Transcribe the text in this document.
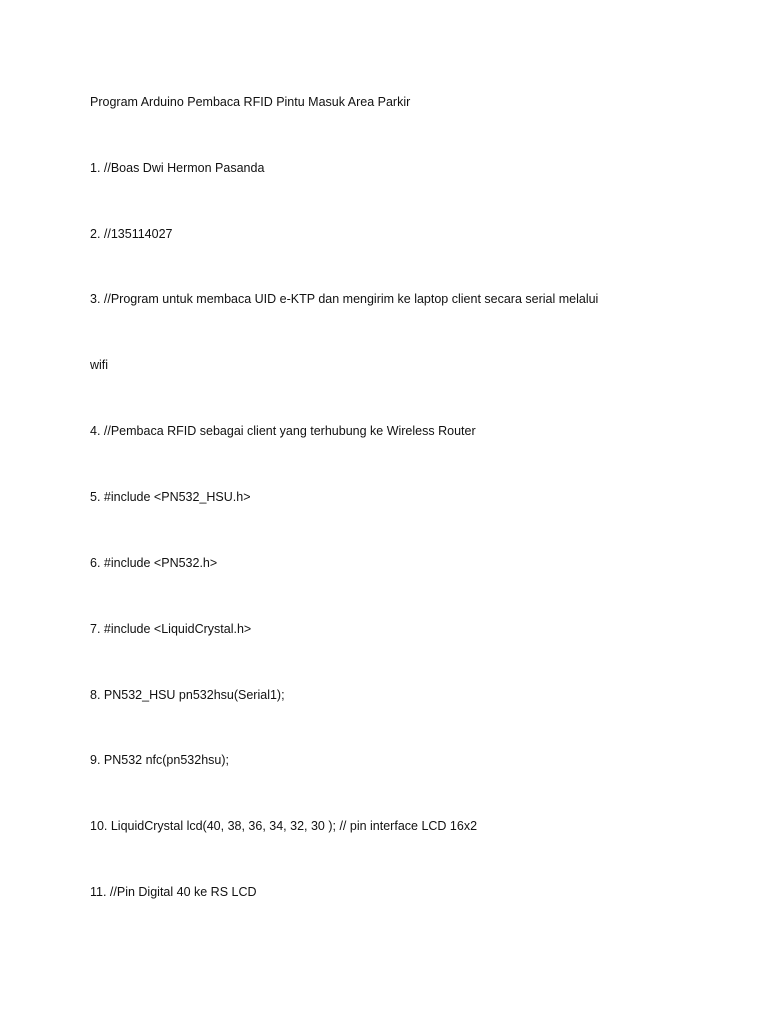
Program Arduino Pembaca RFID Pintu Masuk Area Parkir
1. //Boas Dwi Hermon Pasanda
2. //135114027
3. //Program untuk membaca UID e-KTP dan mengirim ke laptop client secara serial melalui
wifi
4. //Pembaca RFID sebagai client yang terhubung ke Wireless Router
5. #include <PN532_HSU.h>
6. #include <PN532.h>
7. #include <LiquidCrystal.h>
8. PN532_HSU pn532hsu(Serial1);
9. PN532 nfc(pn532hsu);
10. LiquidCrystal lcd(40, 38, 36, 34, 32, 30 ); // pin interface LCD 16x2
11. //Pin Digital 40 ke RS LCD
